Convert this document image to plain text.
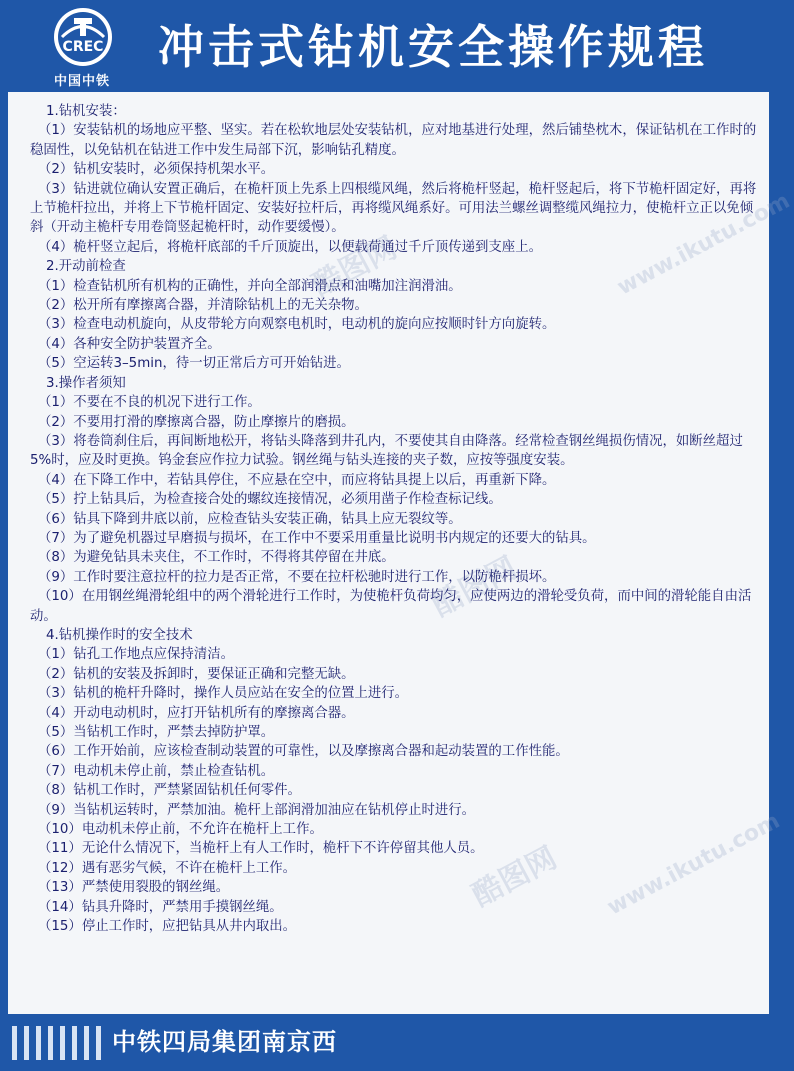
CREC
中国中铁
冲击式钻机安全操作规程
酷图网
酷图网
酷图网
www.ikutu.com
www.ikutu.com

1.钻机安装：

（1）安装钻机的场地应平整、坚实。若在松软地层处安装钻机，应对地基进行处理，然后铺垫枕木，保证钻机在工作时的稳固性，以免钻机在钻进工作中发生局部下沉，影响钻孔精度。

（2）钻机安装时，必须保持机架水平。

（3）钻进就位确认安置正确后，在桅杆顶上先系上四根缆风绳，然后将桅杆竖起，桅杆竖起后，将下节桅杆固定好，再将上节桅杆拉出，并将上下节桅杆固定、安装好拉杆后，再将缆风绳系好。可用法兰螺丝调整缆风绳拉力，使桅杆立正以免倾斜（开动主桅杆专用卷筒竖起桅杆时，动作要缓慢）。

（4）桅杆竖立起后，将桅杆底部的千斤顶旋出，以便载荷通过千斤顶传递到支座上。

2.开动前检查

（1）检查钻机所有机构的正确性，并向全部润滑点和油嘴加注润滑油。

（2）松开所有摩擦离合器，并清除钻机上的无关杂物。

（3）检查电动机旋向，从皮带轮方向观察电机时，电动机的旋向应按顺时针方向旋转。

（4）各种安全防护装置齐全。

（5）空运转3–5min，待一切正常后方可开始钻进。

3.操作者须知

（1）不要在不良的机况下进行工作。

（2）不要用打滑的摩擦离合器，防止摩擦片的磨损。

（3）将卷筒刹住后，再间断地松开，将钻头降落到井孔内，不要使其自由降落。经常检查钢丝绳损伤情况，如断丝超过5%时，应及时更换。钨金套应作拉力试验。钢丝绳与钻头连接的夹子数，应按等强度安装。

（4）在下降工作中，若钻具停住，不应悬在空中，而应将钻具提上以后，再重新下降。

（5）拧上钻具后，为检查接合处的螺纹连接情况，必须用凿子作检查标记线。

（6）钻具下降到井底以前，应检查钻头安装正确，钻具上应无裂纹等。

（7）为了避免机器过早磨损与损坏，在工作中不要采用重量比说明书内规定的还要大的钻具。

（8）为避免钻具未夹住，不工作时，不得将其停留在井底。

（9）工作时要注意拉杆的拉力是否正常，不要在拉杆松驰时进行工作，以防桅杆损坏。

（10）在用钢丝绳滑轮组中的两个滑轮进行工作时，为使桅杆负荷均匀，应使两边的滑轮受负荷，而中间的滑轮能自由活动。

4.钻机操作时的安全技术

（1）钻孔工作地点应保持清洁。

（2）钻机的安装及拆卸时，要保证正确和完整无缺。

（3）钻机的桅杆升降时，操作人员应站在安全的位置上进行。

（4）开动电动机时，应打开钻机所有的摩擦离合器。

（5）当钻机工作时，严禁去掉防护罩。

（6）工作开始前，应该检查制动装置的可靠性，以及摩擦离合器和起动装置的工作性能。

（7）电动机未停止前，禁止检查钻机。

（8）钻机工作时，严禁紧固钻机任何零件。

（9）当钻机运转时，严禁加油。桅杆上部润滑加油应在钻机停止时进行。

（10）电动机未停止前，不允许在桅杆上工作。

（11）无论什么情况下，当桅杆上有人工作时，桅杆下不许停留其他人员。

（12）遇有恶劣气候，不许在桅杆上工作。

（13）严禁使用裂股的钢丝绳。

（14）钻具升降时，严禁用手摸钢丝绳。

（15）停止工作时，应把钻具从井内取出。

中铁四局集团南京西
